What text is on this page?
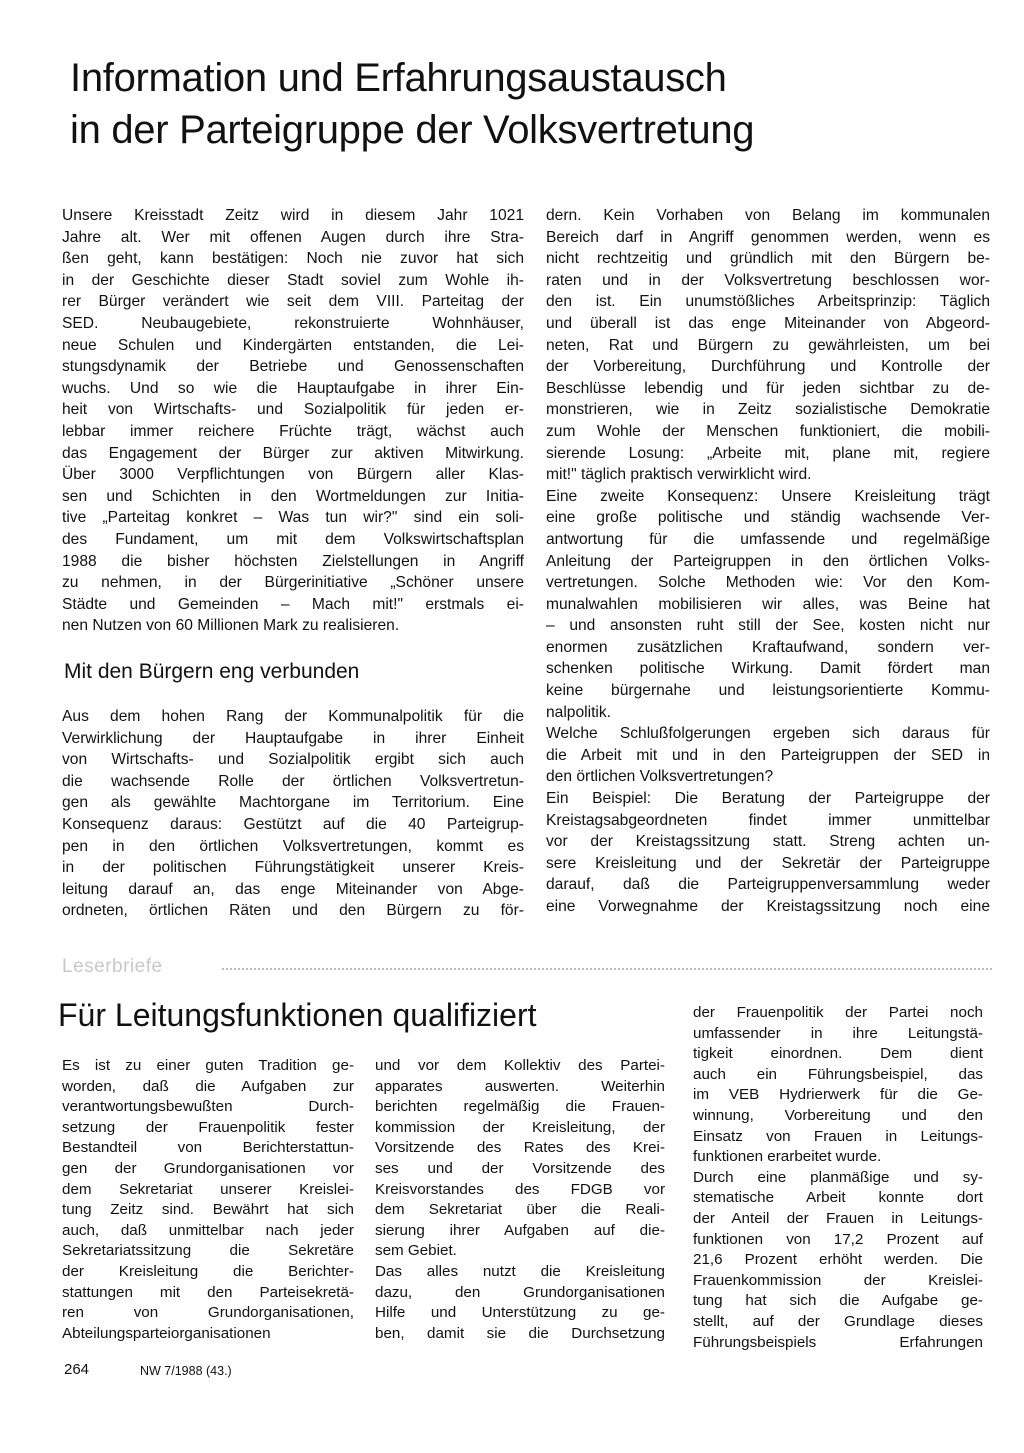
Information und Erfahrungsaustausch
in der Parteigruppe der Volksvertretung
Unsere Kreisstadt Zeitz wird in diesem Jahr 1021
Jahre alt. Wer mit offenen Augen durch ihre Stra-
ßen geht, kann bestätigen: Noch nie zuvor hat sich
in der Geschichte dieser Stadt soviel zum Wohle ih-
rer Bürger verändert wie seit dem VIII. Parteitag der
SED. Neubaugebiete, rekonstruierte Wohnhäuser,
neue Schulen und Kindergärten entstanden, die Lei-
stungsdynamik der Betriebe und Genossenschaften
wuchs. Und so wie die Hauptaufgabe in ihrer Ein-
heit von Wirtschafts- und Sozialpolitik für jeden er-
lebbar immer reichere Früchte trägt, wächst auch
das Engagement der Bürger zur aktiven Mitwirkung.
Über 3000 Verpflichtungen von Bürgern aller Klas-
sen und Schichten in den Wortmeldungen zur Initia-
tive „Parteitag konkret – Was tun wir?" sind ein soli-
des Fundament, um mit dem Volkswirtschaftsplan
1988 die bisher höchsten Zielstellungen in Angriff
zu nehmen, in der Bürgerinitiative „Schöner unsere
Städte und Gemeinden – Mach mit!" erstmals ei-
nen Nutzen von 60 Millionen Mark zu realisieren.
Mit den Bürgern eng verbunden
Aus dem hohen Rang der Kommunalpolitik für die
Verwirklichung der Hauptaufgabe in ihrer Einheit
von Wirtschafts- und Sozialpolitik ergibt sich auch
die wachsende Rolle der örtlichen Volksvertretun-
gen als gewählte Machtorgane im Territorium. Eine
Konsequenz daraus: Gestützt auf die 40 Parteigrup-
pen in den örtlichen Volksvertretungen, kommt es
in der politischen Führungstätigkeit unserer Kreis-
leitung darauf an, das enge Miteinander von Abge-
ordneten, örtlichen Räten und den Bürgern zu för-
dern. Kein Vorhaben von Belang im kommunalen
Bereich darf in Angriff genommen werden, wenn es
nicht rechtzeitig und gründlich mit den Bürgern be-
raten und in der Volksvertretung beschlossen wor-
den ist. Ein unumstößliches Arbeitsprinzip: Täglich
und überall ist das enge Miteinander von Abgeord-
neten, Rat und Bürgern zu gewährleisten, um bei
der Vorbereitung, Durchführung und Kontrolle der
Beschlüsse lebendig und für jeden sichtbar zu de-
monstrieren, wie in Zeitz sozialistische Demokratie
zum Wohle der Menschen funktioniert, die mobili-
sierende Losung: „Arbeite mit, plane mit, regiere
mit!" täglich praktisch verwirklicht wird.
Eine zweite Konsequenz: Unsere Kreisleitung trägt
eine große politische und ständig wachsende Ver-
antwortung für die umfassende und regelmäßige
Anleitung der Parteigruppen in den örtlichen Volks-
vertretungen. Solche Methoden wie: Vor den Kom-
munalwahlen mobilisieren wir alles, was Beine hat
– und ansonsten ruht still der See, kosten nicht nur
enormen zusätzlichen Kraftaufwand, sondern ver-
schenken politische Wirkung. Damit fördert man
keine bürgernahe und leistungsorientierte Kommu-
nalpolitik.
Welche Schlußfolgerungen ergeben sich daraus für
die Arbeit mit und in den Parteigruppen der SED in
den örtlichen Volksvertretungen?
Ein Beispiel: Die Beratung der Parteigruppe der
Kreistagsabgeordneten findet immer unmittelbar
vor der Kreistagssitzung statt. Streng achten un-
sere Kreisleitung und der Sekretär der Parteigruppe
darauf, daß die Parteigruppenversammlung weder
eine Vorwegnahme der Kreistagssitzung noch eine
Leserbriefe
Für Leitungsfunktionen qualifiziert
Es ist zu einer guten Tradition ge-
worden, daß die Aufgaben zur
verantwortungsbewußten Durch-
setzung der Frauenpolitik fester
Bestandteil von Berichterstattun-
gen der Grundorganisationen vor
dem Sekretariat unserer Kreislei-
tung Zeitz sind. Bewährt hat sich
auch, daß unmittelbar nach jeder
Sekretariatssitzung die Sekretäre
der Kreisleitung die Berichter-
stattungen mit den Parteisekretä-
ren von Grundorganisationen,
Abteilungsparteiorganisationen
und vor dem Kollektiv des Partei-
apparates auswerten. Weiterhin
berichten regelmäßig die Frauen-
kommission der Kreisleitung, der
Vorsitzende des Rates des Krei-
ses und der Vorsitzende des
Kreisvorstandes des FDGB vor
dem Sekretariat über die Reali-
sierung ihrer Aufgaben auf die-
sem Gebiet.
Das alles nutzt die Kreisleitung
dazu, den Grundorganisationen
Hilfe und Unterstützung zu ge-
ben, damit sie die Durchsetzung
der Frauenpolitik der Partei noch
umfassender in ihre Leitungstä-
tigkeit einordnen. Dem dient
auch ein Führungsbeispiel, das
im VEB Hydrierwerk für die Ge-
winnung, Vorbereitung und den
Einsatz von Frauen in Leitungs-
funktionen erarbeitet wurde.
Durch eine planmäßige und sy-
stematische Arbeit konnte dort
der Anteil der Frauen in Leitungs-
funktionen von 17,2 Prozent auf
21,6 Prozent erhöht werden. Die
Frauenkommission der Kreislei-
tung hat sich die Aufgabe ge-
stellt, auf der Grundlage dieses
Führungsbeispiels Erfahrungen
264	NW 7/1988 (43.)
